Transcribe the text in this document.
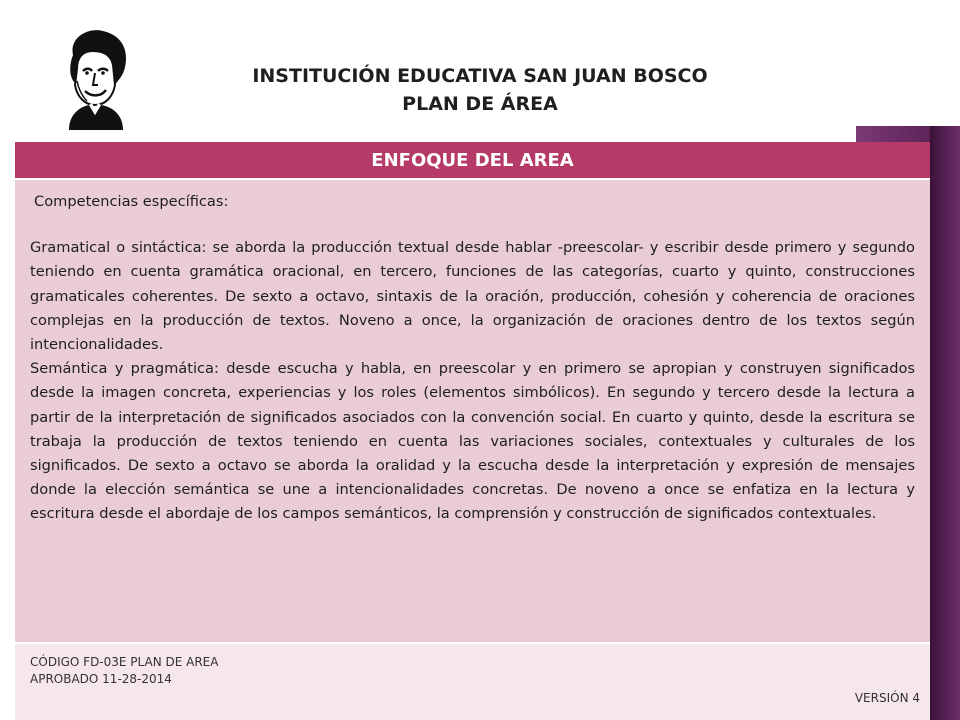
INSTITUCIÓN EDUCATIVA SAN JUAN BOSCO
PLAN DE ÁREA
ENFOQUE DEL AREA
Competencias específicas:

Gramatical o sintáctica: se aborda la producción textual desde hablar -preescolar- y escribir desde primero y segundo teniendo en cuenta gramática oracional, en tercero, funciones de las categorías, cuarto y quinto, construcciones gramaticales coherentes. De sexto a octavo, sintaxis de la oración, producción, cohesión y coherencia de oraciones complejas en la producción de textos. Noveno a once, la organización de oraciones dentro de los textos según intencionalidades.

Semántica y pragmática: desde escucha y habla, en preescolar y en primero se apropian y construyen significados desde la imagen concreta, experiencias y los roles (elementos simbólicos). En segundo y tercero desde la lectura a partir de la interpretación de significados asociados con la convención social. En cuarto y quinto, desde la escritura se trabaja la producción de textos teniendo en cuenta las variaciones sociales, contextuales y culturales de los significados. De sexto a octavo se aborda la oralidad y la escucha desde la interpretación y expresión de mensajes donde la elección semántica se une a intencionalidades concretas. De noveno a once se enfatiza en la lectura y escritura desde el abordaje de los campos semánticos, la comprensión y construcción de significados contextuales.

CÓDIGO FD-03E PLAN DE AREA
APROBADO 11-28-2014
VERSIÓN 4
